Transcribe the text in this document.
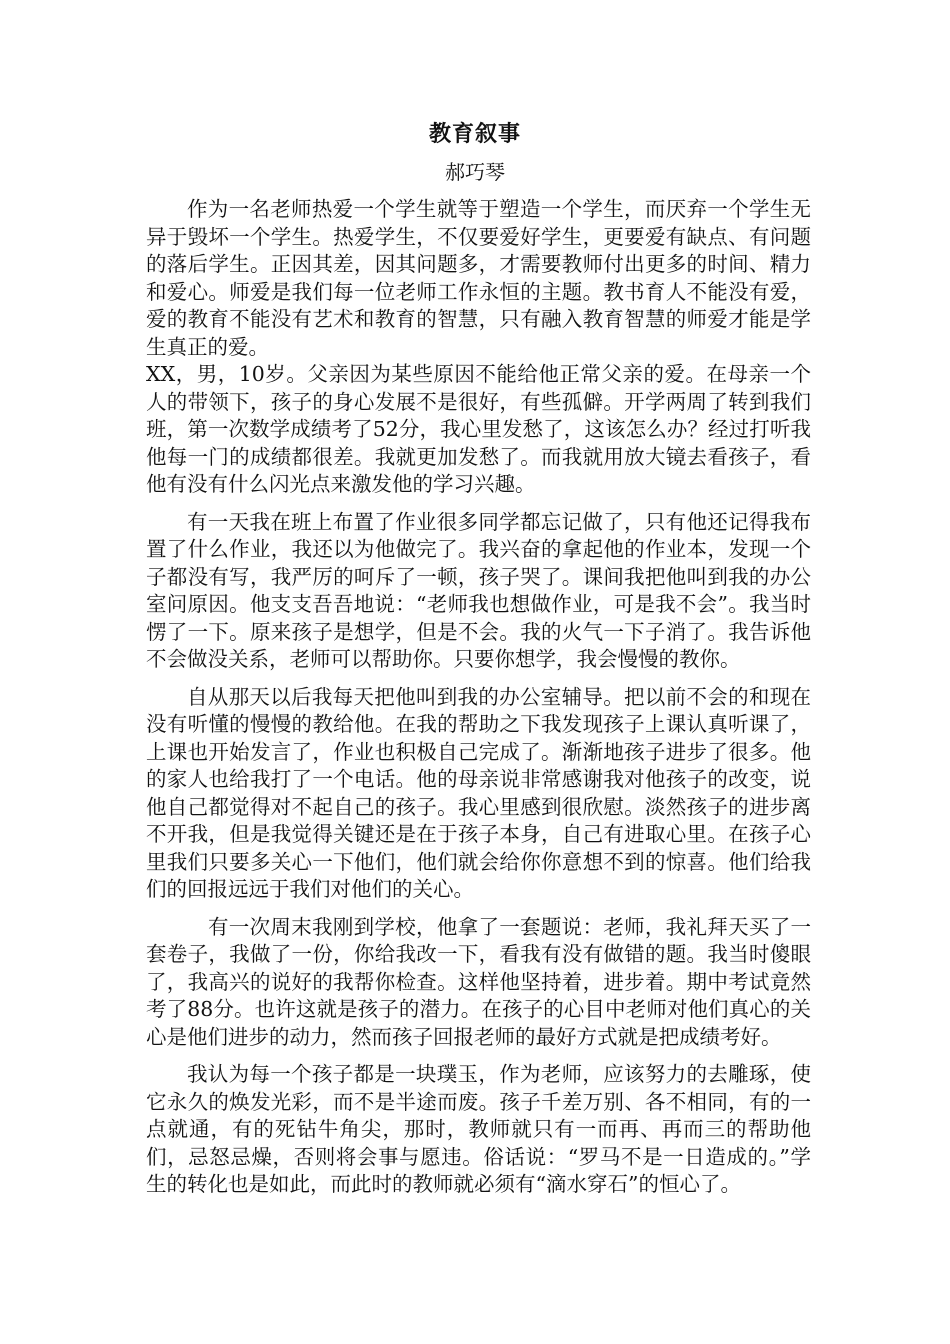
教育叙事
郝巧琴

作为一名老师热爱一个学生就等于塑造一个学生，而厌弃一个学生无异于毁坏一个学生。热爱学生，不仅要爱好学生，更要爱有缺点、有问题的落后学生。正因其差，因其问题多，才需要教师付出更多的时间、精力和爱心。师爱是我们每一位老师工作永恒的主题。教书育人不能没有爱，爱的教育不能没有艺术和教育的智慧，只有融入教育智慧的师爱才能是学生真正的爱。

XX，男，10岁。父亲因为某些原因不能给他正常父亲的爱。在母亲一个人的带领下，孩子的身心发展不是很好，有些孤僻。开学两周了转到我们班，第一次数学成绩考了52分，我心里发愁了，这该怎么办？经过打听我他每一门的成绩都很差。我就更加发愁了。而我就用放大镜去看孩子，看他有没有什么闪光点来激发他的学习兴趣。

有一天我在班上布置了作业很多同学都忘记做了，只有他还记得我布置了什么作业，我还以为他做完了。我兴奋的拿起他的作业本，发现一个子都没有写，我严厉的呵斥了一顿，孩子哭了。课间我把他叫到我的办公室问原因。他支支吾吾地说：“老师我也想做作业，可是我不会”。我当时愣了一下。原来孩子是想学，但是不会。我的火气一下子消了。我告诉他不会做没关系，老师可以帮助你。只要你想学，我会慢慢的教你。

自从那天以后我每天把他叫到我的办公室辅导。把以前不会的和现在没有听懂的慢慢的教给他。在我的帮助之下我发现孩子上课认真听课了，上课也开始发言了，作业也积极自己完成了。渐渐地孩子进步了很多。他的家人也给我打了一个电话。他的母亲说非常感谢我对他孩子的改变，说他自己都觉得对不起自己的孩子。我心里感到很欣慰。淡然孩子的进步离不开我，但是我觉得关键还是在于孩子本身，自己有进取心里。在孩子心里我们只要多关心一下他们，他们就会给你你意想不到的惊喜。他们给我们的回报远远于我们对他们的关心。

有一次周末我刚到学校，他拿了一套题说：老师，我礼拜天买了一套卷子，我做了一份，你给我改一下，看我有没有做错的题。我当时傻眼了，我高兴的说好的我帮你检查。这样他坚持着，进步着。期中考试竟然考了88分。也许这就是孩子的潜力。在孩子的心目中老师对他们真心的关心是他们进步的动力，然而孩子回报老师的最好方式就是把成绩考好。

我认为每一个孩子都是一块璞玉，作为老师，应该努力的去雕琢，使它永久的焕发光彩，而不是半途而废。孩子千差万别、各不相同，有的一点就通，有的死钻牛角尖，那时，教师就只有一而再、再而三的帮助他们，忌怒忌燥，否则将会事与愿违。俗话说：“罗马不是一日造成的。”学生的转化也是如此，而此时的教师就必须有“滴水穿石”的恒心了。
